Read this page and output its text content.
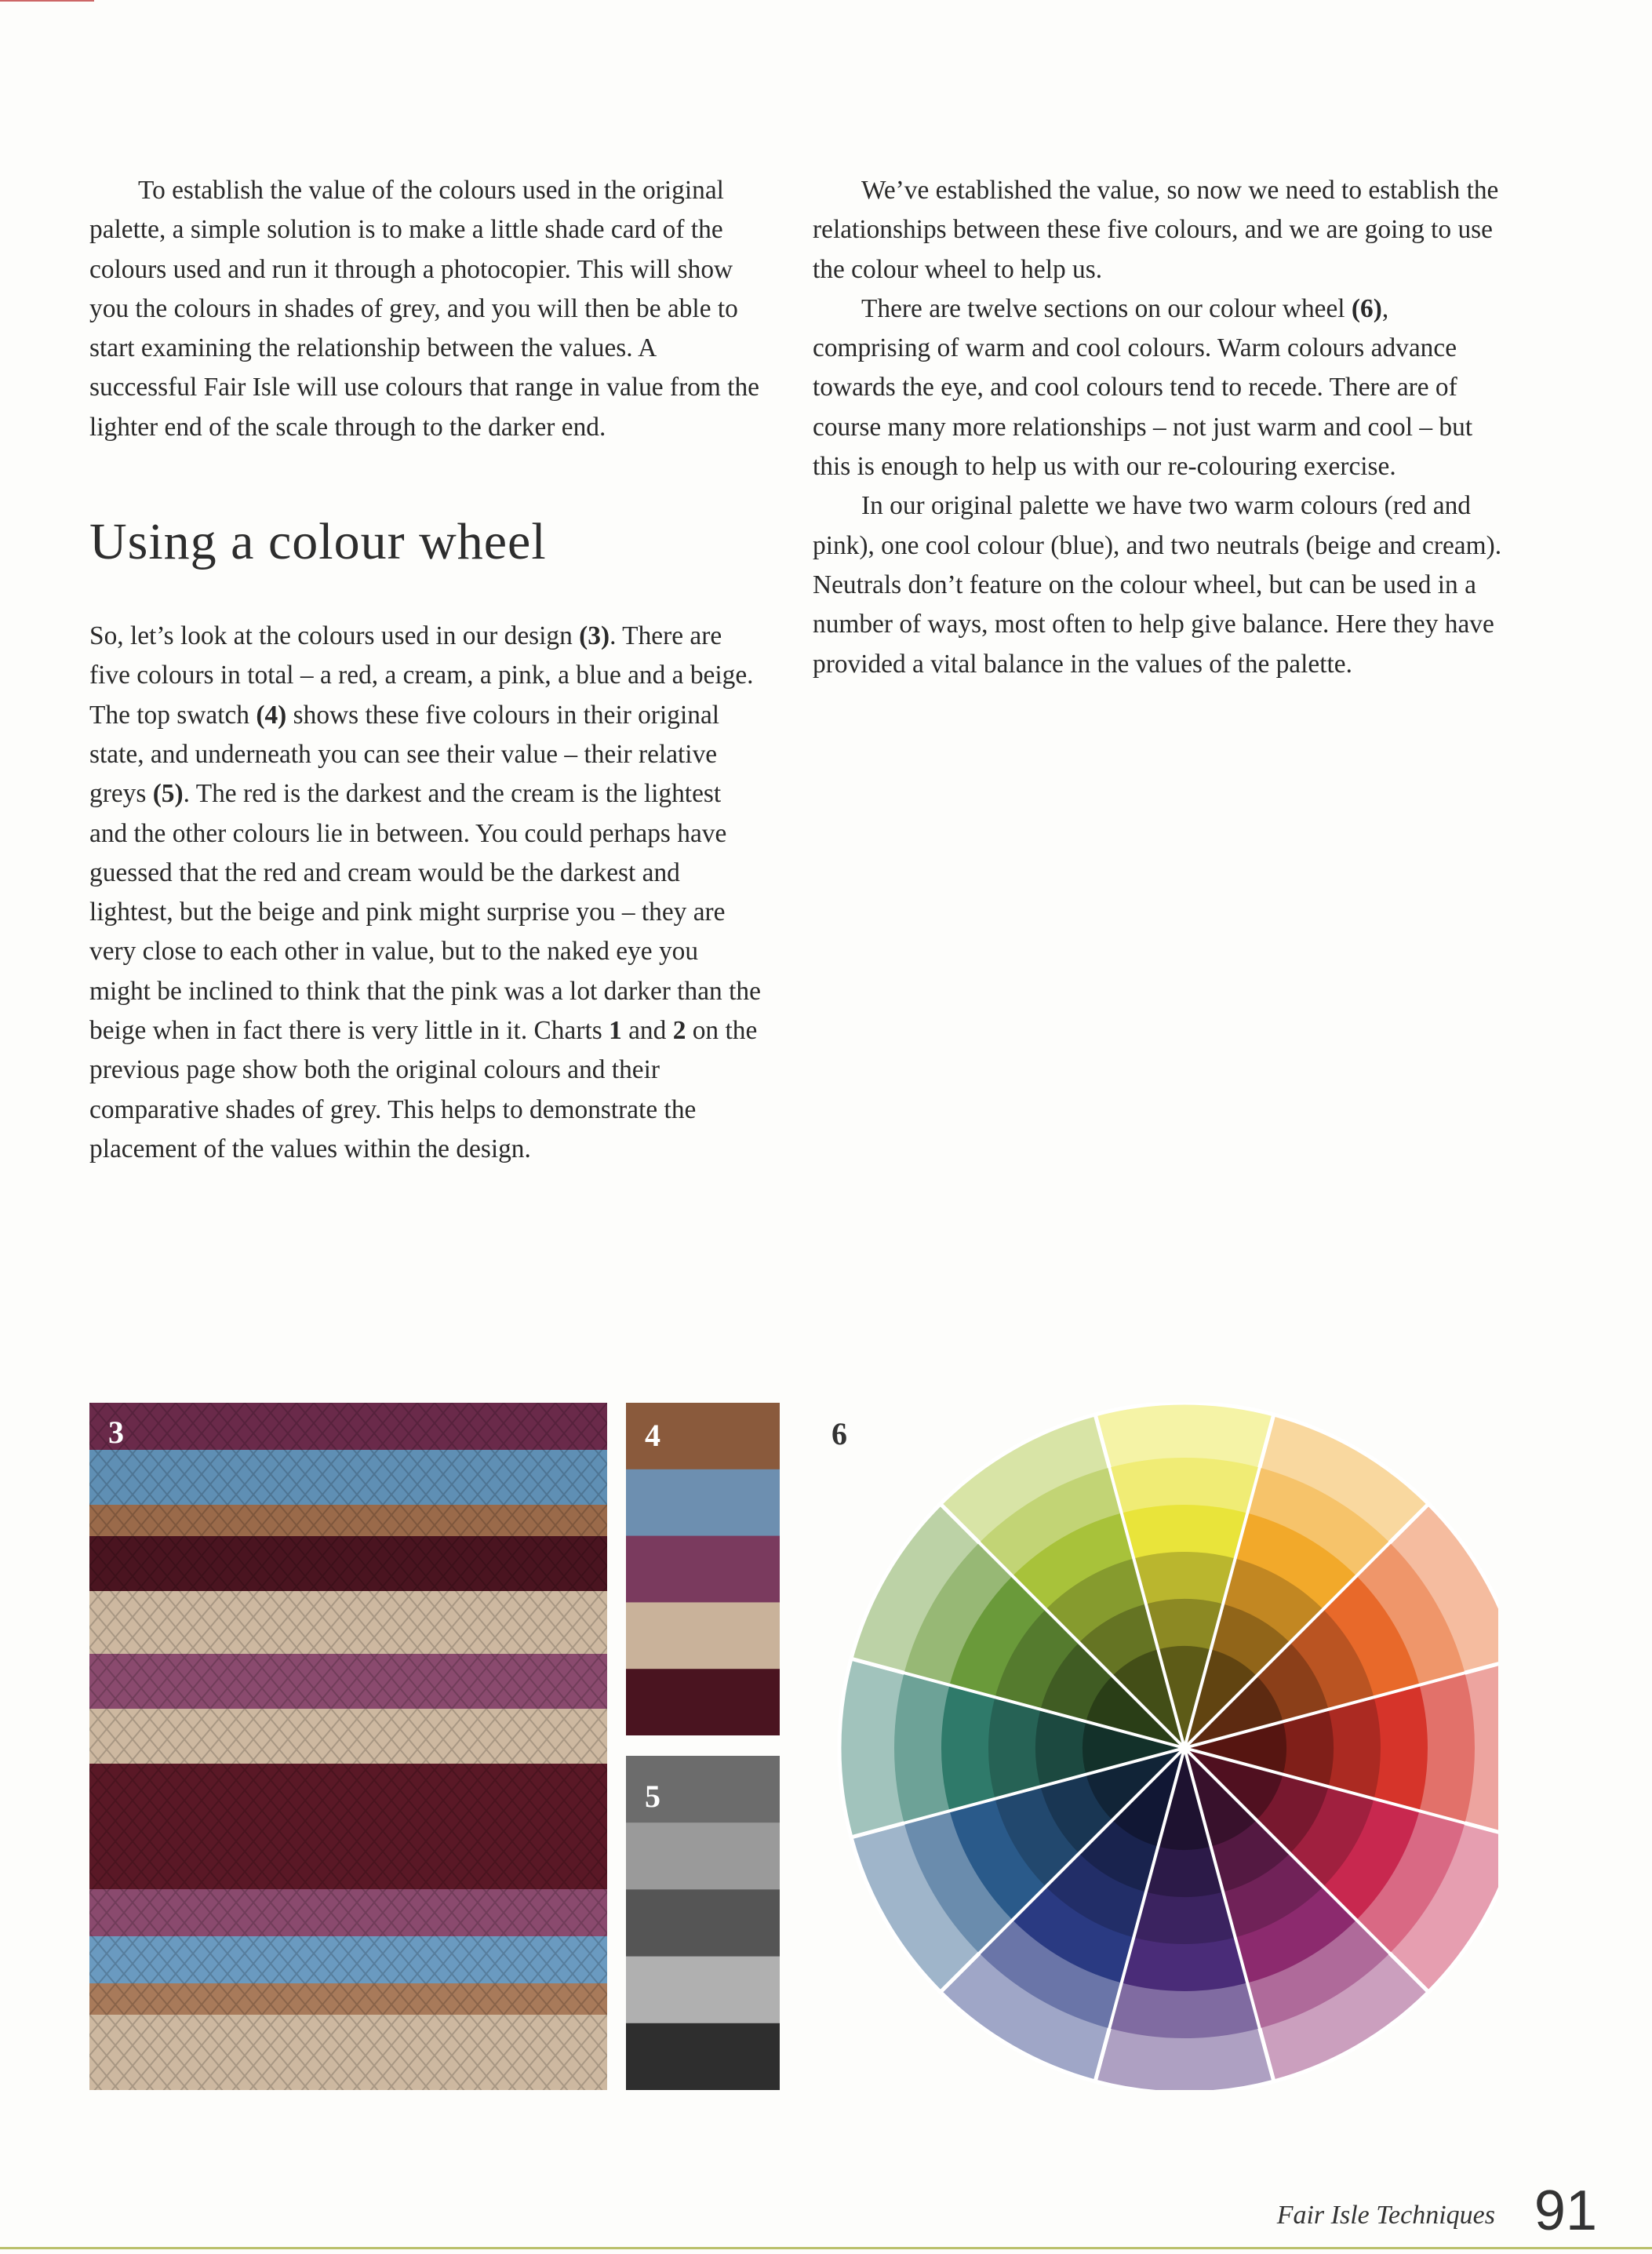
To establish the value of the colours used in the original palette, a simple solution is to make a little shade card of the colours used and run it through a photocopier. This will show you the colours in shades of grey, and you will then be able to start examining the relationship between the values. A successful Fair Isle will use colours that range in value from the lighter end of the scale through to the darker end.

Using a colour wheel

So, let’s look at the colours used in our design (3). There are five colours in total – a red, a cream, a pink, a blue and a beige. The top swatch (4) shows these five colours in their original state, and underneath you can see their value – their relative greys (5). The red is the darkest and the cream is the lightest and the other colours lie in between. You could perhaps have guessed that the red and cream would be the darkest and lightest, but the beige and pink might surprise you – they are very close to each other in value, but to the naked eye you might be inclined to think that the pink was a lot darker than the beige when in fact there is very little in it. Charts 1 and 2 on the previous page show both the original colours and their comparative shades of grey. This helps to demonstrate the placement of the values within the design.

We’ve established the value, so now we need to establish the relationships between these five colours, and we are going to use the colour wheel to help us.

There are twelve sections on our colour wheel (6), comprising of warm and cool colours. Warm colours advance towards the eye, and cool colours tend to recede. There are of course many more relationships – not just warm and cool – but this is enough to help us with our re-colouring exercise.

In our original palette we have two warm colours (red and pink), one cool colour (blue), and two neutrals (beige and cream). Neutrals don’t feature on the colour wheel, but can be used in a number of ways, most often to help give balance. Here they have provided a vital balance in the values of the palette.

3	4
5
6
Fair Isle Techniques 91
